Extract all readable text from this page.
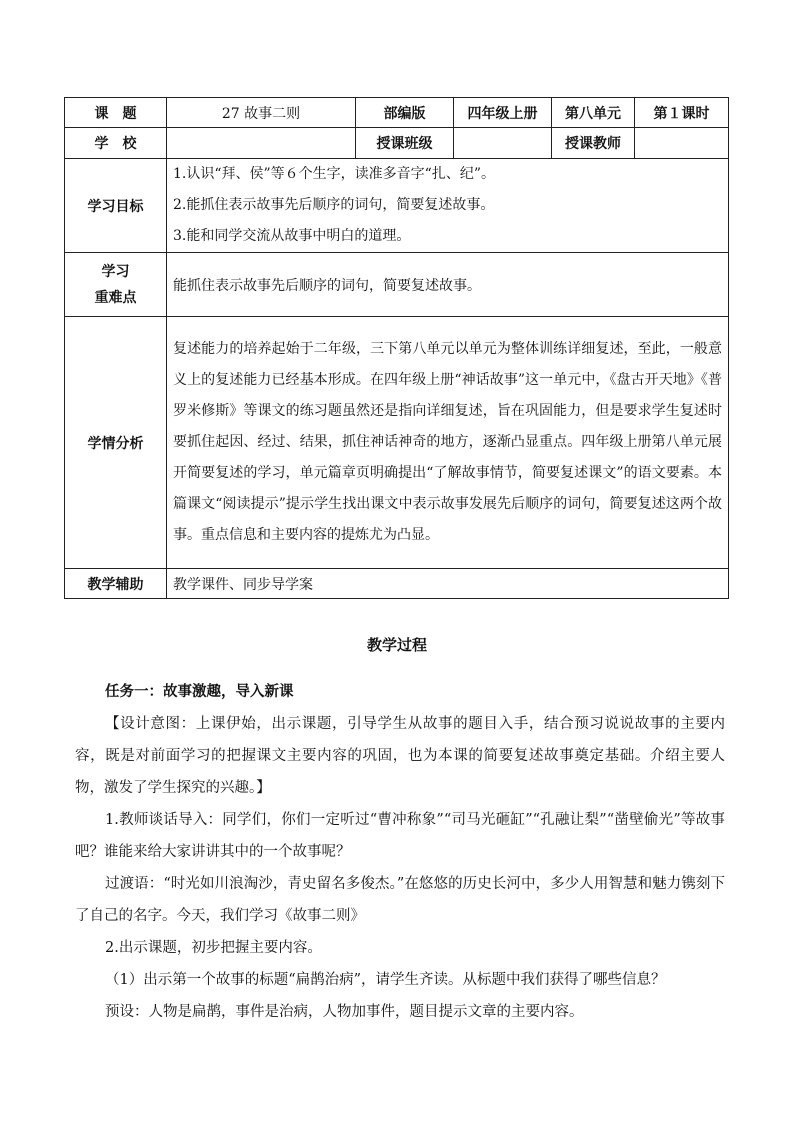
课　题	27 故事二则	部编版	四年级上册	第八单元	第１课时
学　校		授课班级		授课教师	
学习目标	1.认识“拜、侯”等６个生字，读准多音字“扎、纪”。
2.能抓住表示故事先后顺序的词句，简要复述故事。
3.能和同学交流从故事中明白的道理。				

学习
重难点	能抓住表示故事先后顺序的词句，简要复述故事。				
学情分析	复述能力的培养起始于二年级，三下第八单元以单元为整体训练详细复述，至此，一般意义上的复述能力已经基本形成。在四年级上册“神话故事”这一单元中，《盘古开天地》《普罗米修斯》等课文的练习题虽然还是指向详细复述，旨在巩固能力，但是要求学生复述时要抓住起因、经过、结果，抓住神话神奇的地方，逐渐凸显重点。四年级上册第八单元展开简要复述的学习，单元篇章页明确提出“了解故事情节，简要复述课文”的语文要素。本篇课文“阅读提示”提示学生找出课文中表示故事发展先后顺序的词句，简要复述这两个故事。重点信息和主要内容的提炼尤为凸显。				
教学辅助	教学课件、同步导学案				
教学过程

任务一：故事激趣，导入新课

【设计意图：上课伊始，出示课题，引导学生从故事的题目入手，结合预习说说故事的主要内容，既是对前面学习的把握课文主要内容的巩固，也为本课的简要复述故事奠定基础。介绍主要人物，激发了学生探究的兴趣。】

1.教师谈话导入：同学们，你们一定听过“曹冲称象”“司马光砸缸”“孔融让梨”“凿壁偷光”等故事吧？谁能来给大家讲讲其中的一个故事呢？

过渡语：“时光如川浪淘沙，青史留名多俊杰。”在悠悠的历史长河中，多少人用智慧和魅力镌刻下了自己的名字。今天，我们学习《故事二则》

2.出示课题，初步把握主要内容。

（1）出示第一个故事的标题“扁鹊治病”，请学生齐读。从标题中我们获得了哪些信息？

预设：人物是扁鹊，事件是治病，人物加事件，题目提示文章的主要内容。
